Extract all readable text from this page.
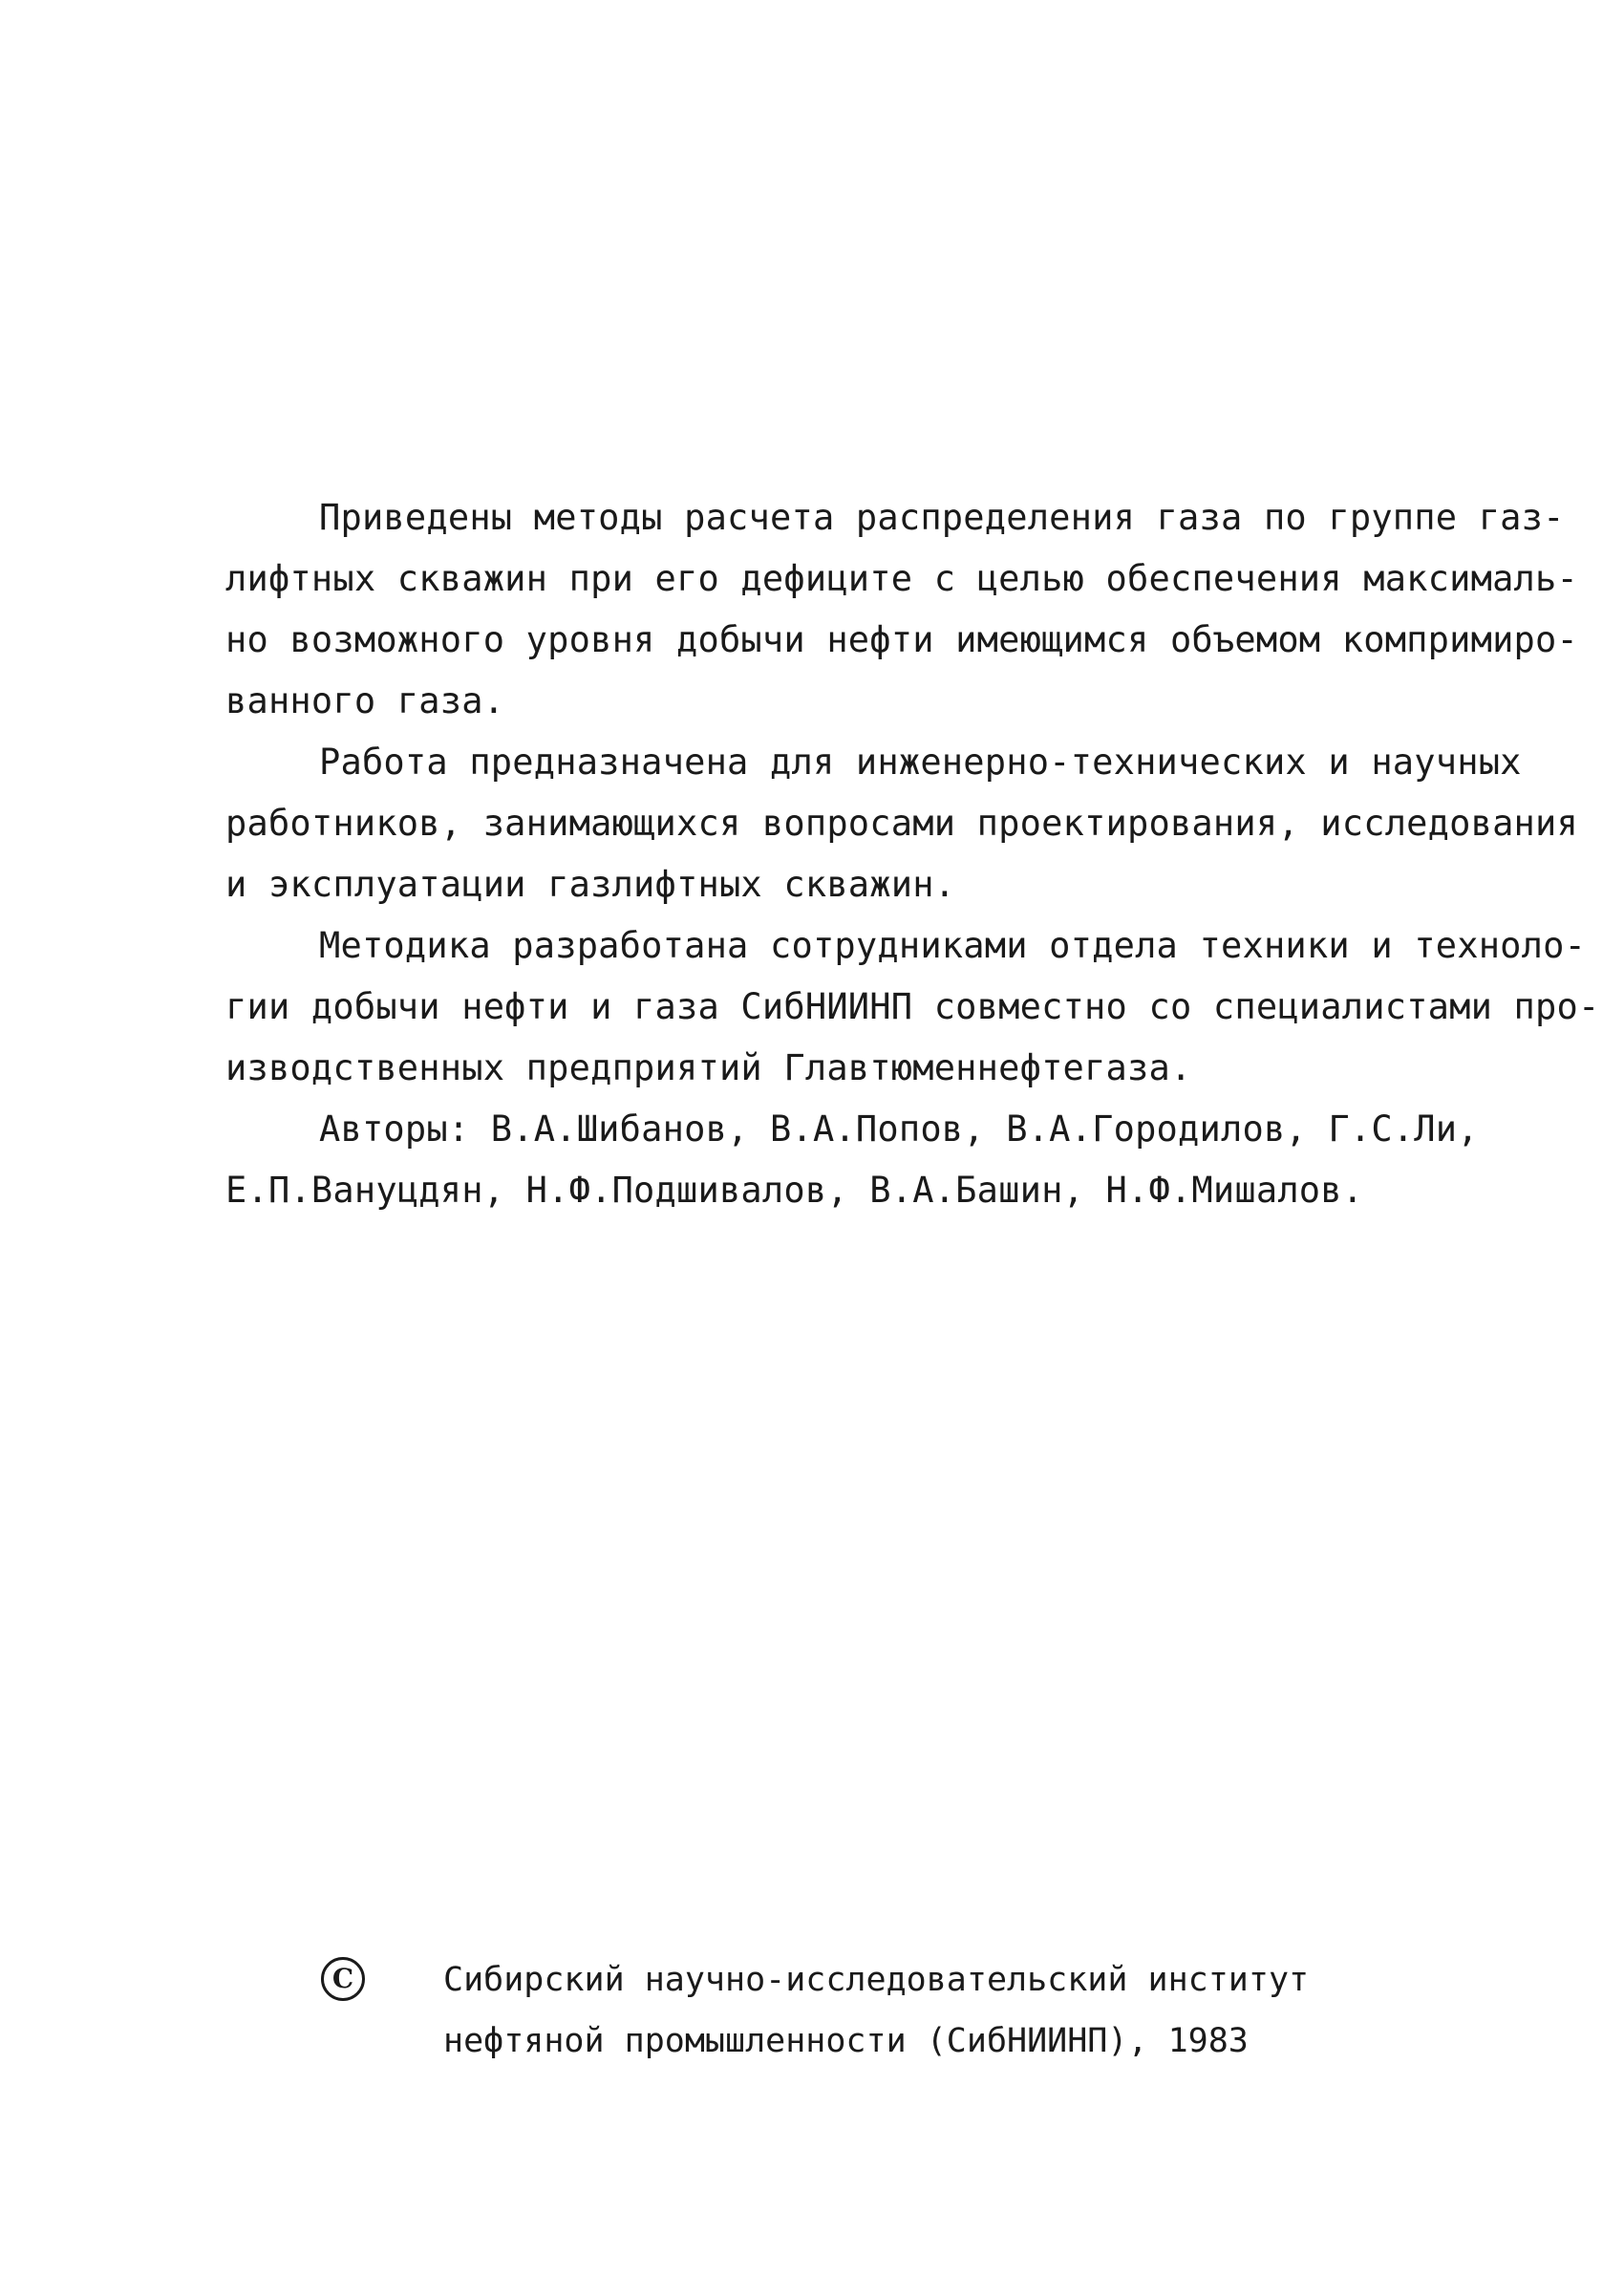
Приведены методы расчета распределения газа по группе газ-
лифтных скважин при его дефиците с целью обеспечения максималь-
но возможного уровня добычи нефти имеющимся объемом компримиро-
ванного газа.
Работа предназначена для инженерно-технических и научных
работников, занимающихся вопросами проектирования, исследования
и эксплуатации газлифтных скважин.
Методика разработана сотрудниками отдела техники и техноло-
гии добычи нефти и газа СибНИИНП совместно со специалистами про-
изводственных предприятий Главтюменнефтегаза.
Авторы: В.А.Шибанов, В.А.Попов, В.А.Городилов, Г.С.Ли,
Е.П.Вануцдян, Н.Ф.Подшивалов, В.А.Башин, Н.Ф.Мишалов.
C	Сибирский научно-исследовательский институт
нефтяной промышленности (СибНИИНП), 1983
